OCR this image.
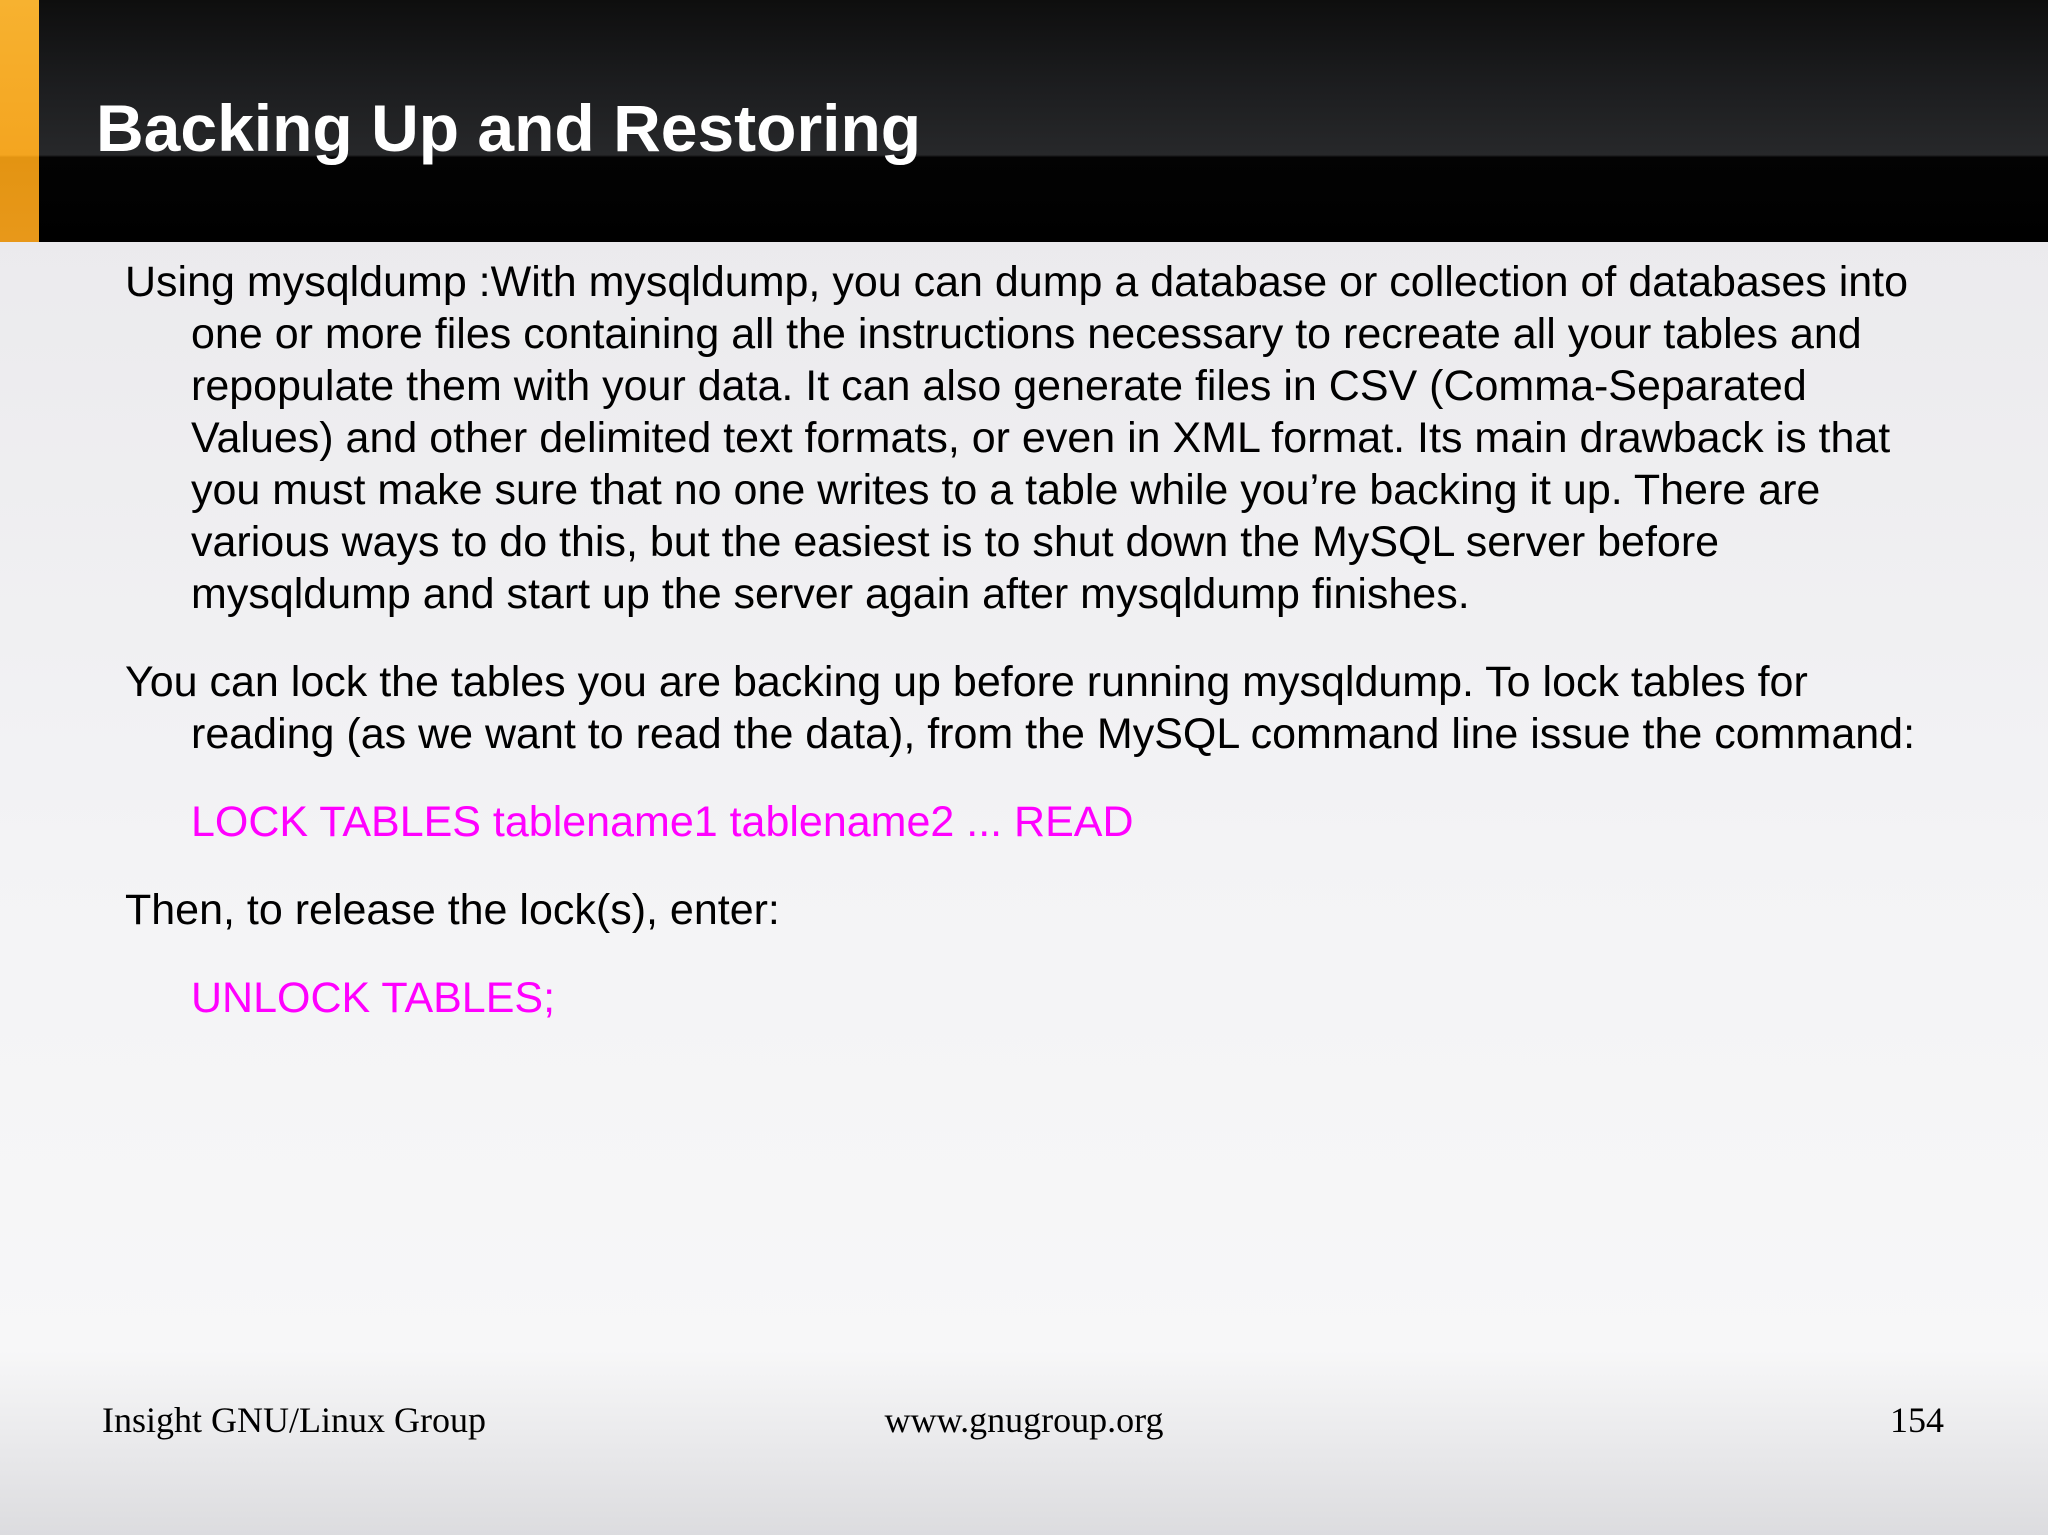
Backing Up and Restoring

Using mysqldump :With mysqldump, you can dump a database or collection of databases into one or more files containing all the instructions necessary to recreate all your tables and repopulate them with your data. It can also generate files in CSV (Comma-Separated Values) and other delimited text formats, or even in XML format. Its main drawback is that you must make sure that no one writes to a table while you’re backing it up. There are various ways to do this, but the easiest is to shut down the MySQL server before mysqldump and start up the server again after mysqldump finishes.

You can lock the tables you are backing up before running mysqldump. To lock tables for reading (as we want to read the data), from the MySQL command line issue the command:

LOCK TABLES tablename1 tablename2 ... READ

Then, to release the lock(s), enter:

UNLOCK TABLES;

Insight GNU/Linux Group	www.gnugroup.org	154
